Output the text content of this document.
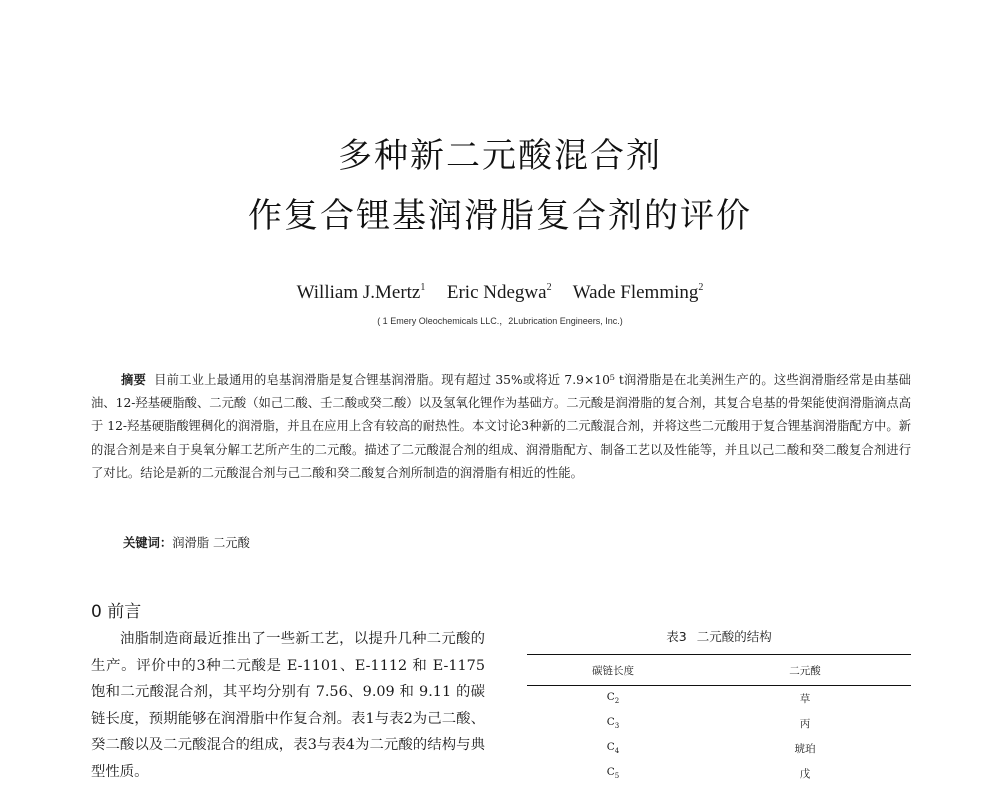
多种新二元酸混合剂
作复合锂基润滑脂复合剂的评价
William J.Mertz$^1$ Eric Ndegwa$^2$ Wade Flemming$^2$
( 1 Emery Oleochemicals LLC.，2Lubrication Engineers, Inc.)

摘要 目前工业上最通用的皂基润滑脂是复合锂基润滑脂。现有超过 35%或将近 7.9×10⁵ t润滑脂是在北美洲生产的。这些润滑脂经常是由基础油、12-羟基硬脂酸、二元酸（如己二酸、壬二酸或癸二酸）以及氢氧化锂作为基础方。二元酸是润滑脂的复合剂，其复合皂基的骨架能使润滑脂滴点高于 12-羟基硬脂酸锂稠化的润滑脂，并且在应用上含有较高的耐热性。本文讨论3种新的二元酸混合剂，并将这些二元酸用于复合锂基润滑脂配方中。新的混合剂是来自于臭氧分解工艺所产生的二元酸。描述了二元酸混合剂的组成、润滑脂配方、制备工艺以及性能等，并且以己二酸和癸二酸复合剂进行了对比。结论是新的二元酸混合剂与己二酸和癸二酸复合剂所制造的润滑脂有相近的性能。

关键词：润滑脂 二元酸
0 前言

油脂制造商最近推出了一些新工艺，以提升几种二元酸的生产。评价中的3种二元酸是 E-1101、E-1112 和 E-1175 饱和二元酸混合剂，其平均分别有 7.56、9.09 和 9.11 的碳链长度，预期能够在润滑脂中作复合剂。表1与表2为己二酸、癸二酸以及二元酸混合的组成，表3与表4为二元酸的结构与典型性质。

表3 二元酸的结构
碳链长度	二元酸
$C_2$	草
$C_3$	丙
$C_4$	琥珀
$C_5$	戊
